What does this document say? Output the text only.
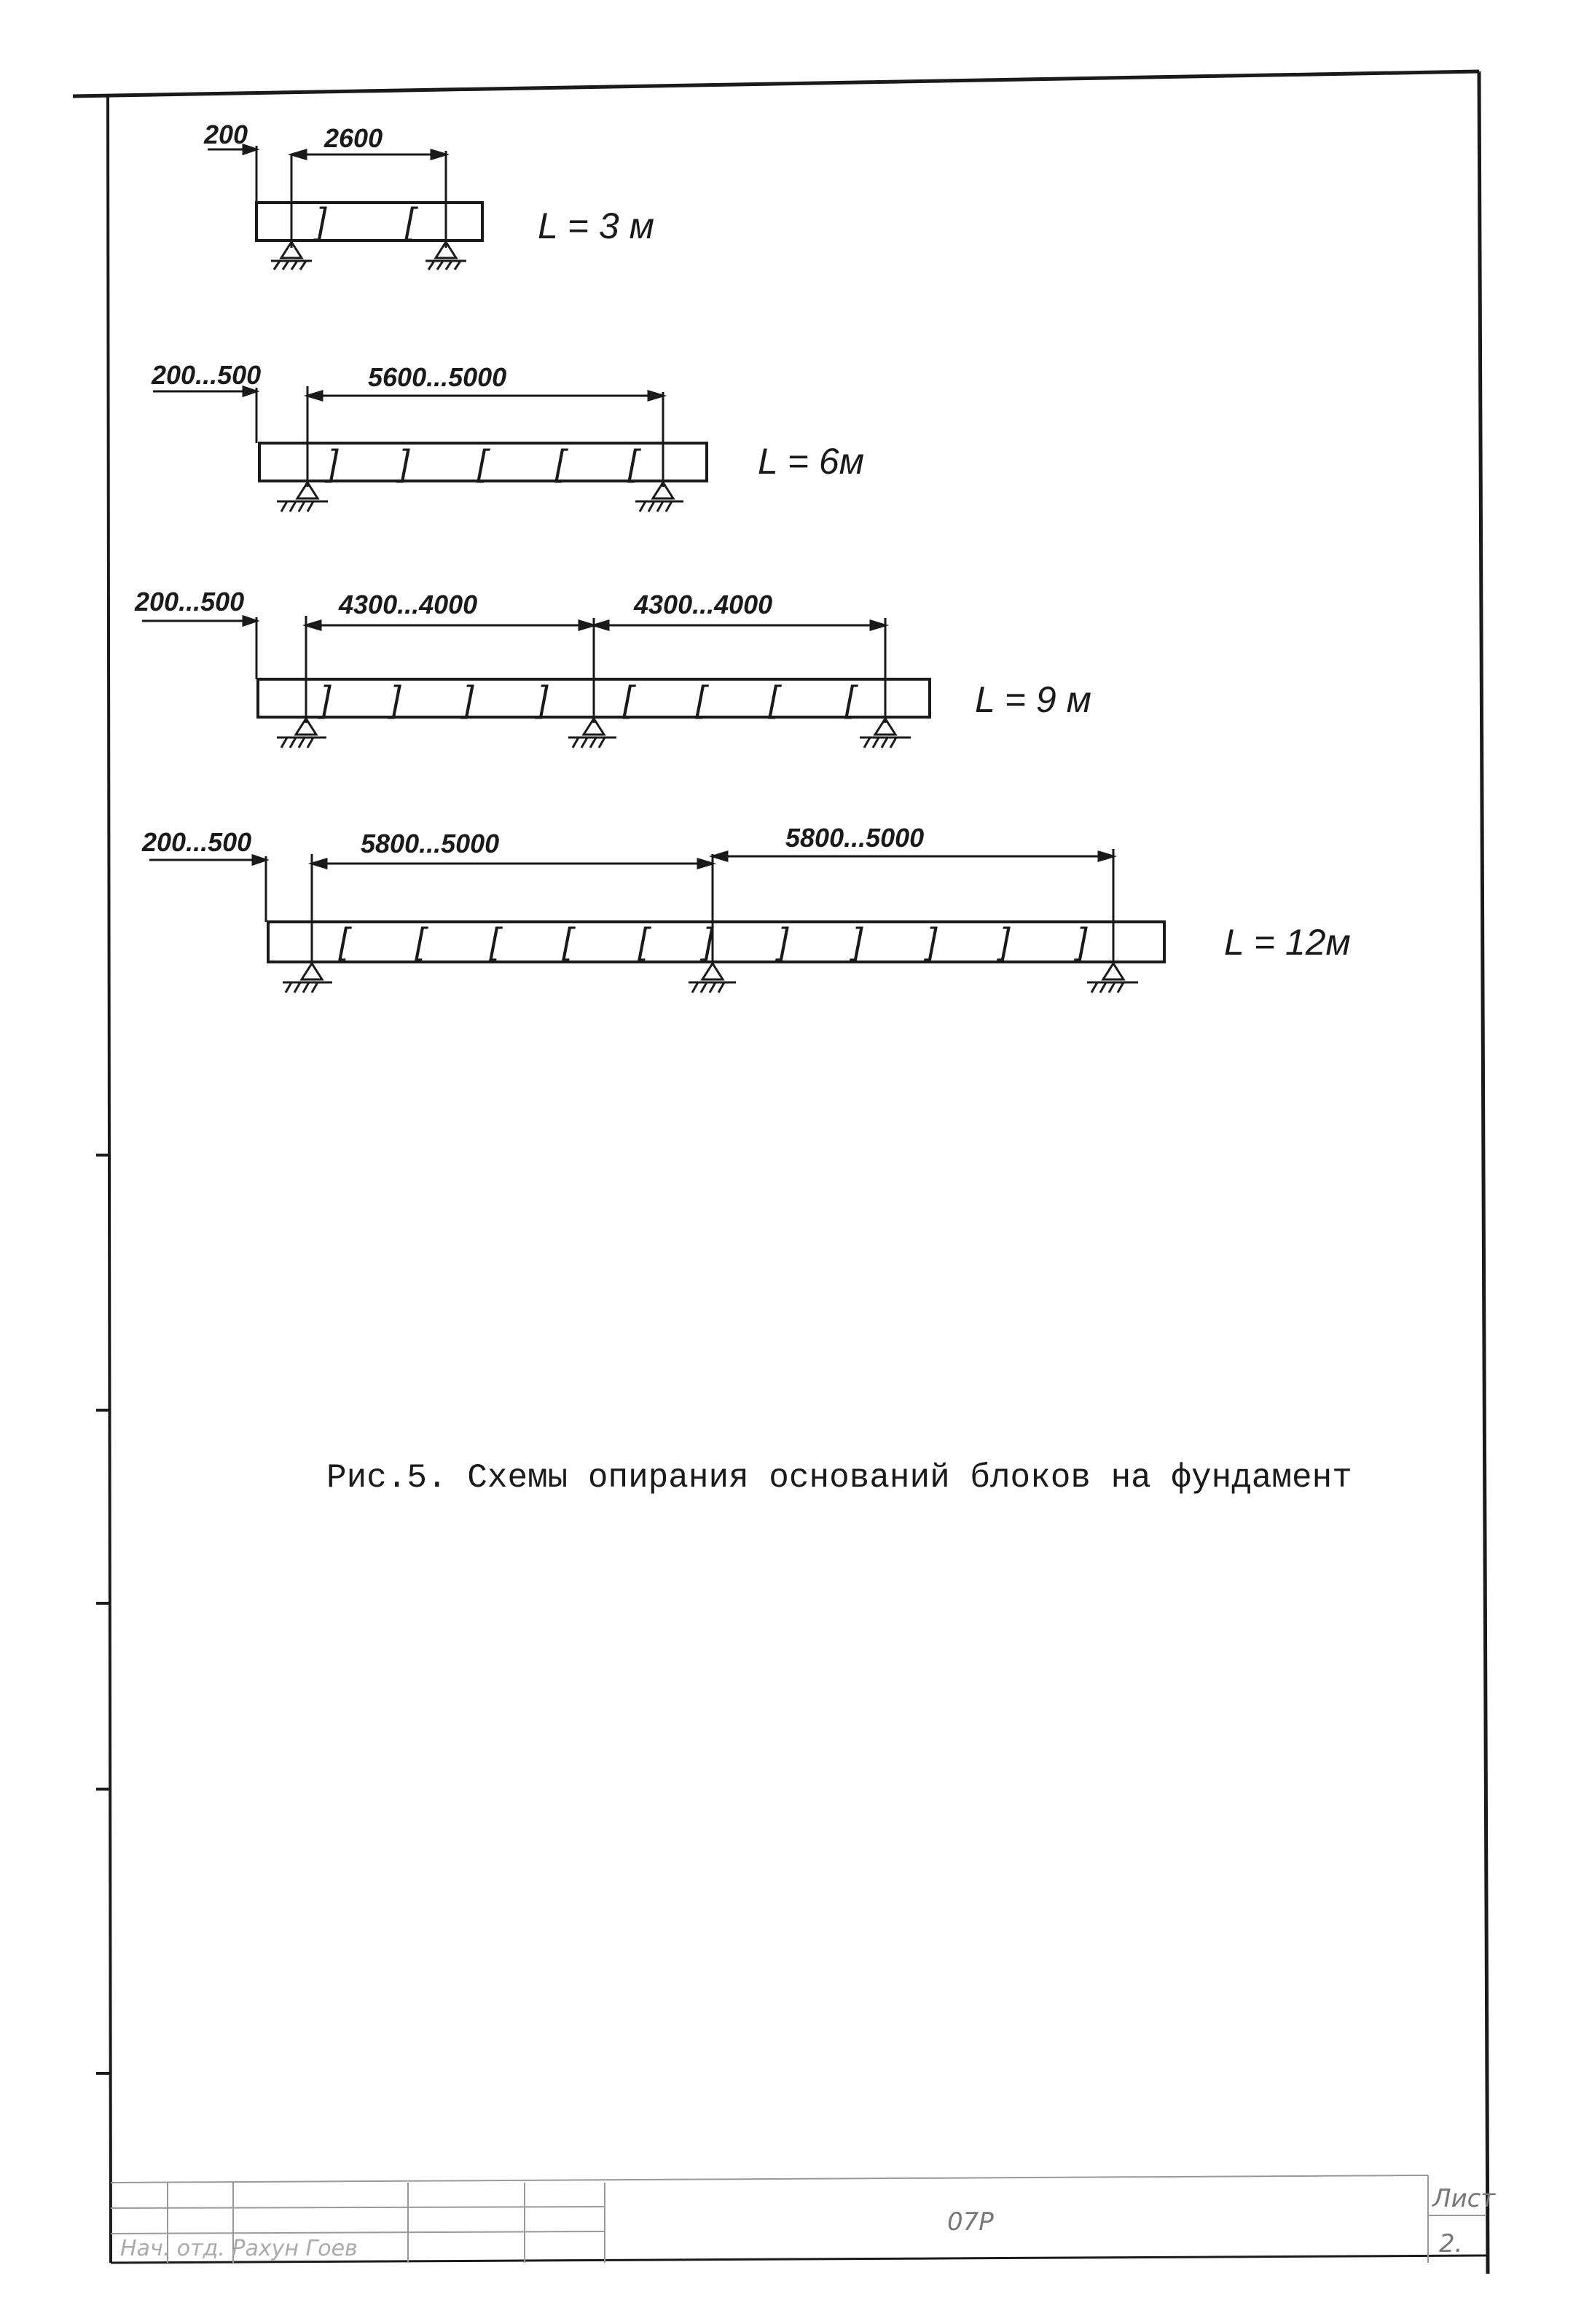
200	2600
L = 3 м
] [
200...500	5600...5000
L = 6м
] ] [ [ [
200...500	4300...4000	4300...4000
L = 9 м
] ] ] ] [ [ [ [
200...500	5800...5000	5800...5000
L = 12м
[ [ [ [ [ ] ] ] ] ] ]
Рис.5. Схемы опирания оснований блоков на фундамент
07Р
Лист
2.
Нач. отд. Рахун Гоев
